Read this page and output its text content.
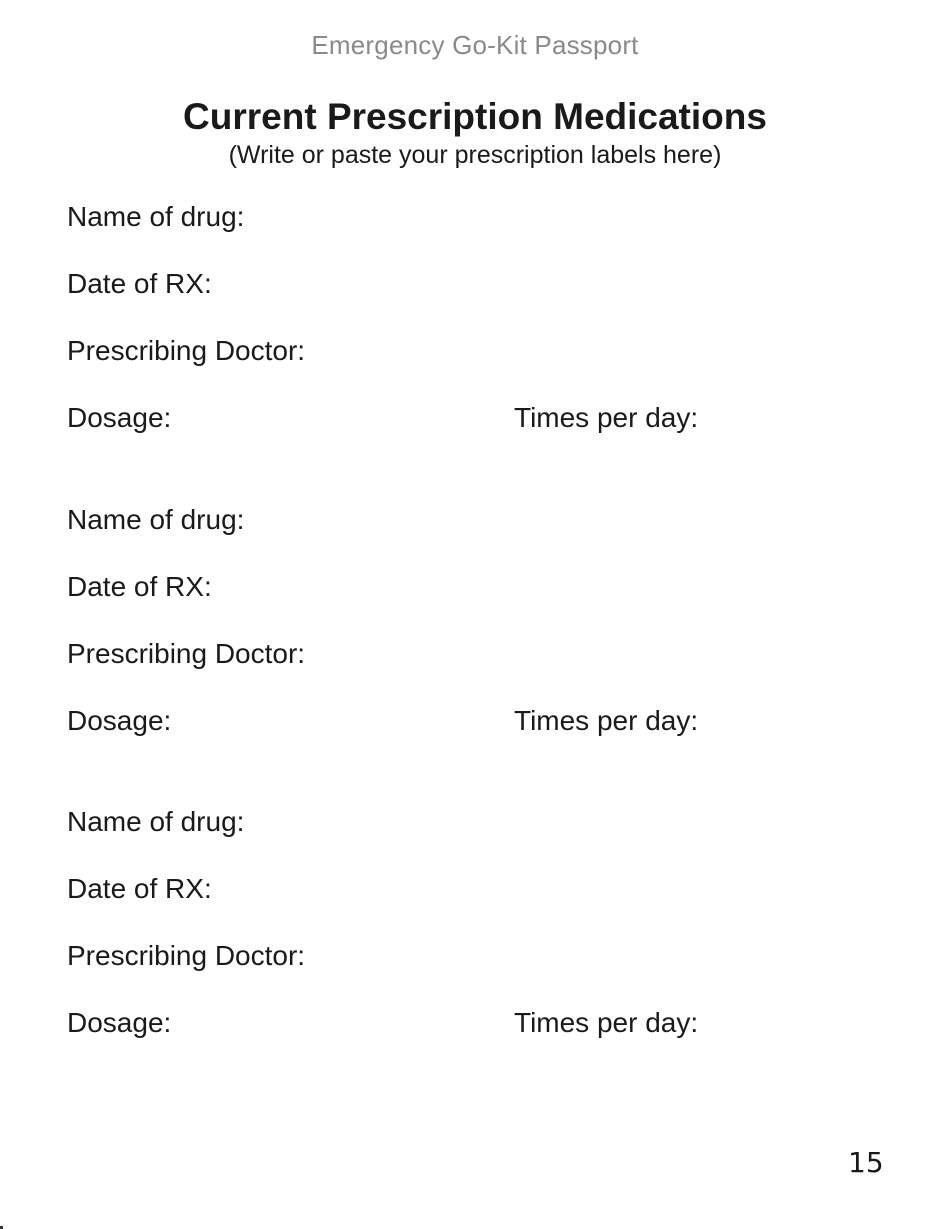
Emergency Go-Kit Passport
Current Prescription Medications
(Write or paste your prescription labels here)
Name of drug:
Date of RX:
Prescribing Doctor:
Dosage:	Times per day:
Name of drug:
Date of RX:
Prescribing Doctor:
Dosage:	Times per day:
Name of drug:
Date of RX:
Prescribing Doctor:
Dosage:	Times per day:
15
